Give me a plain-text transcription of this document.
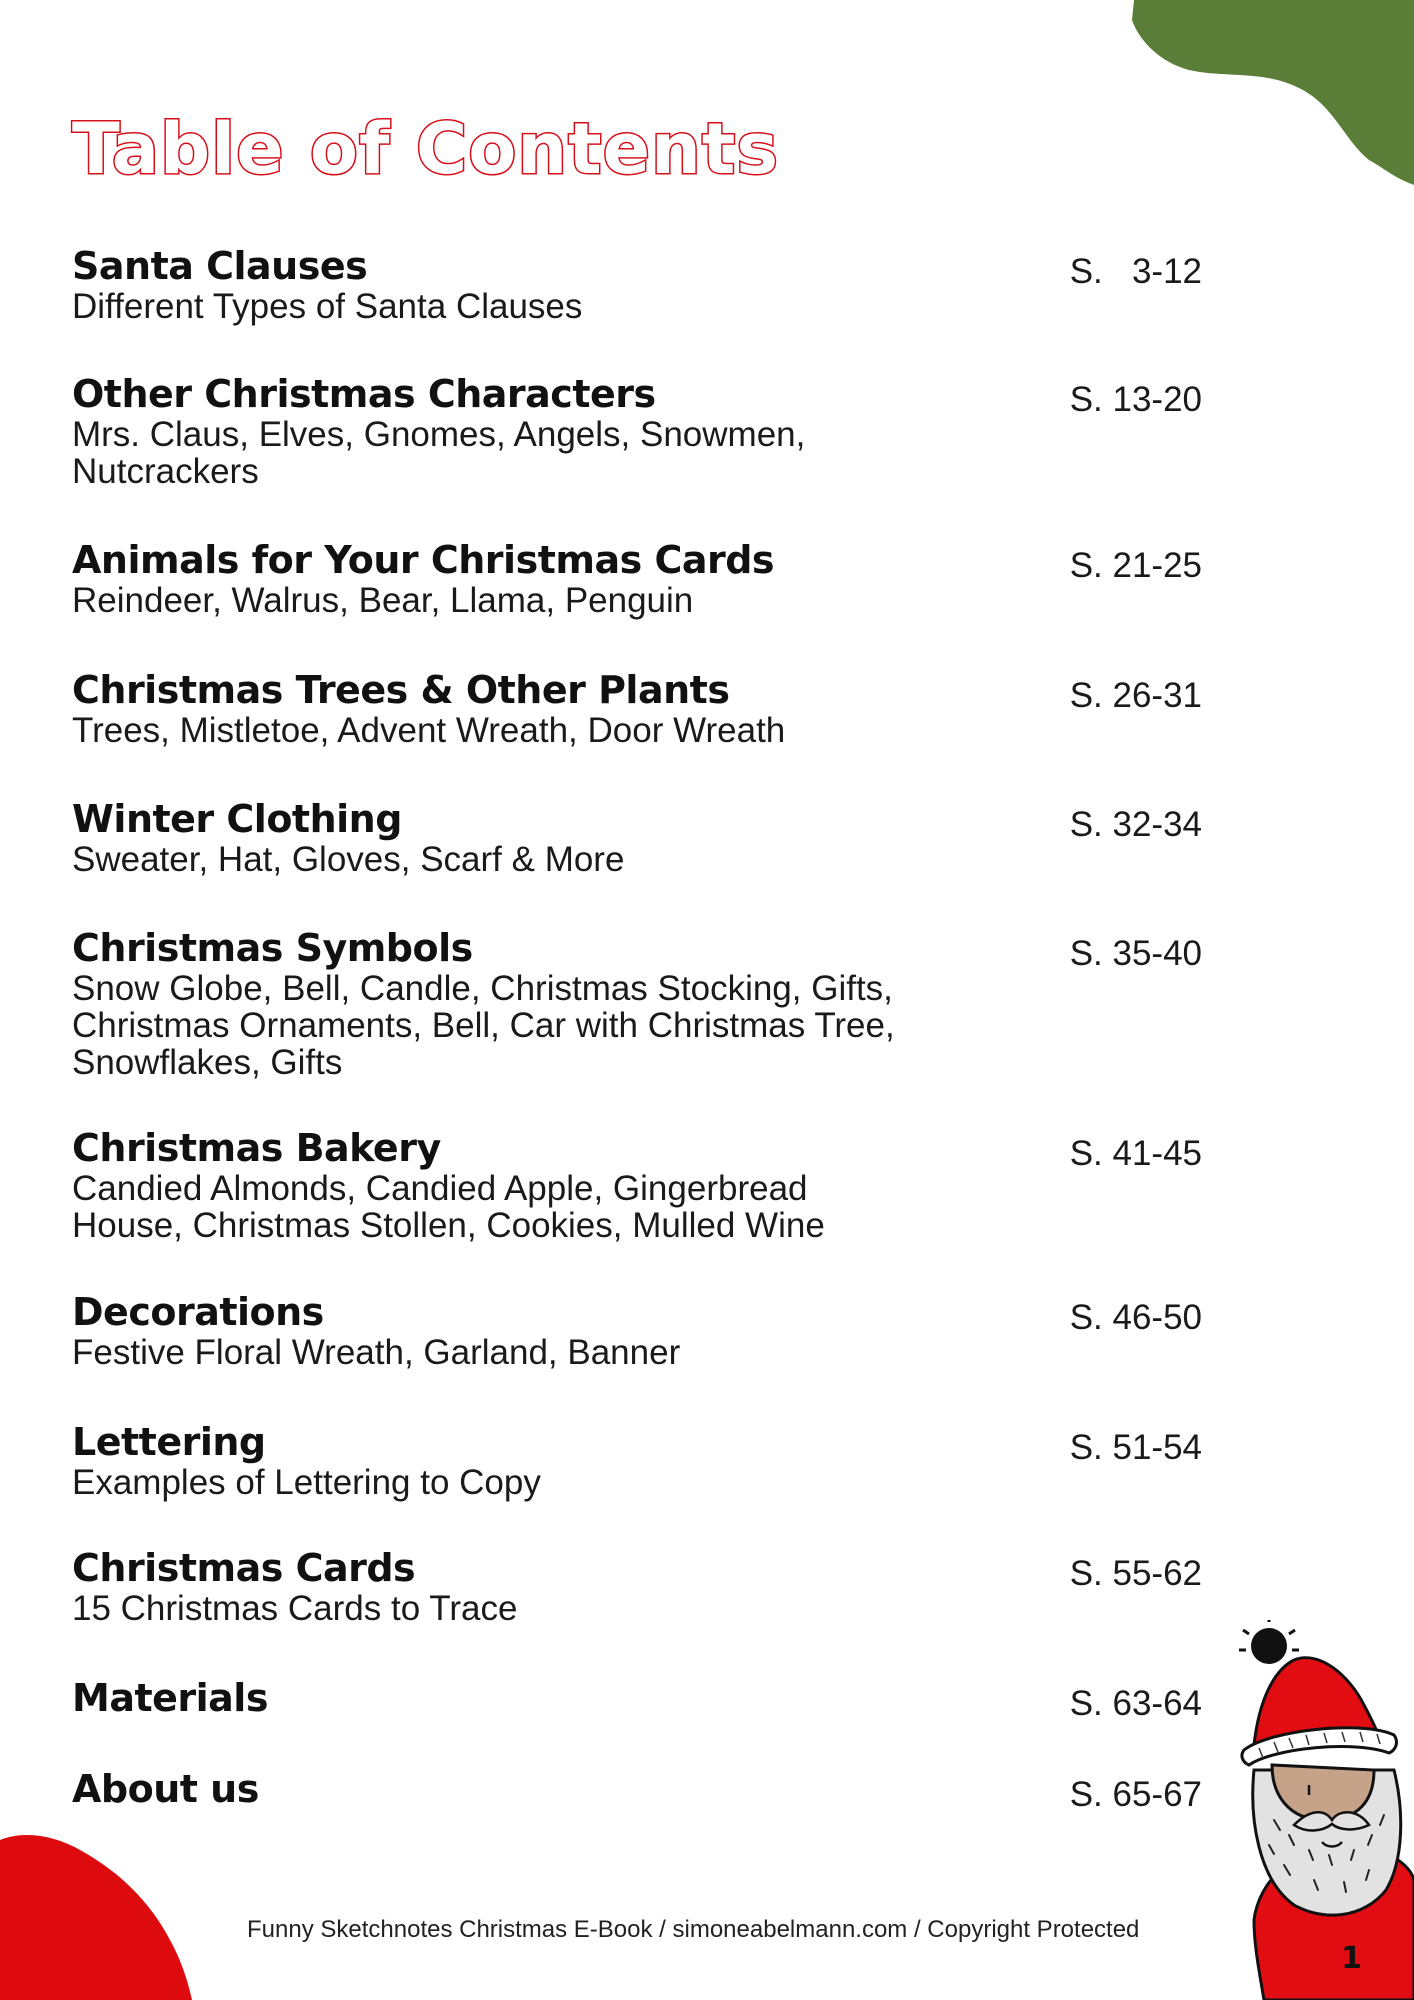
Table of Contents
Santa Clauses
Different Types of Santa Clauses
S.   3-12
Other Christmas Characters
Mrs. Claus, Elves, Gnomes, Angels, Snowmen, Nutcrackers
S. 13-20
Animals for Your Christmas Cards
Reindeer, Walrus, Bear, Llama, Penguin
S. 21-25
Christmas Trees & Other Plants
Trees, Mistletoe, Advent Wreath, Door Wreath
S. 26-31
Winter Clothing
Sweater, Hat, Gloves, Scarf & More
S. 32-34
Christmas Symbols
Snow Globe, Bell, Candle, Christmas Stocking, Gifts, Christmas Ornaments, Bell, Car with Christmas Tree, Snowflakes, Gifts
S. 35-40
Christmas Bakery
Candied Almonds, Candied Apple, Gingerbread House, Christmas Stollen, Cookies, Mulled Wine
S. 41-45
Decorations
Festive Floral Wreath, Garland, Banner
S. 46-50
Lettering
Examples of Lettering to Copy
S. 51-54
Christmas Cards
15 Christmas Cards to Trace
S. 55-62
Materials	S. 63-64
About us	S. 65-67
Funny Sketchnotes Christmas E-Book / simoneabelmann.com / Copyright Protected
1
